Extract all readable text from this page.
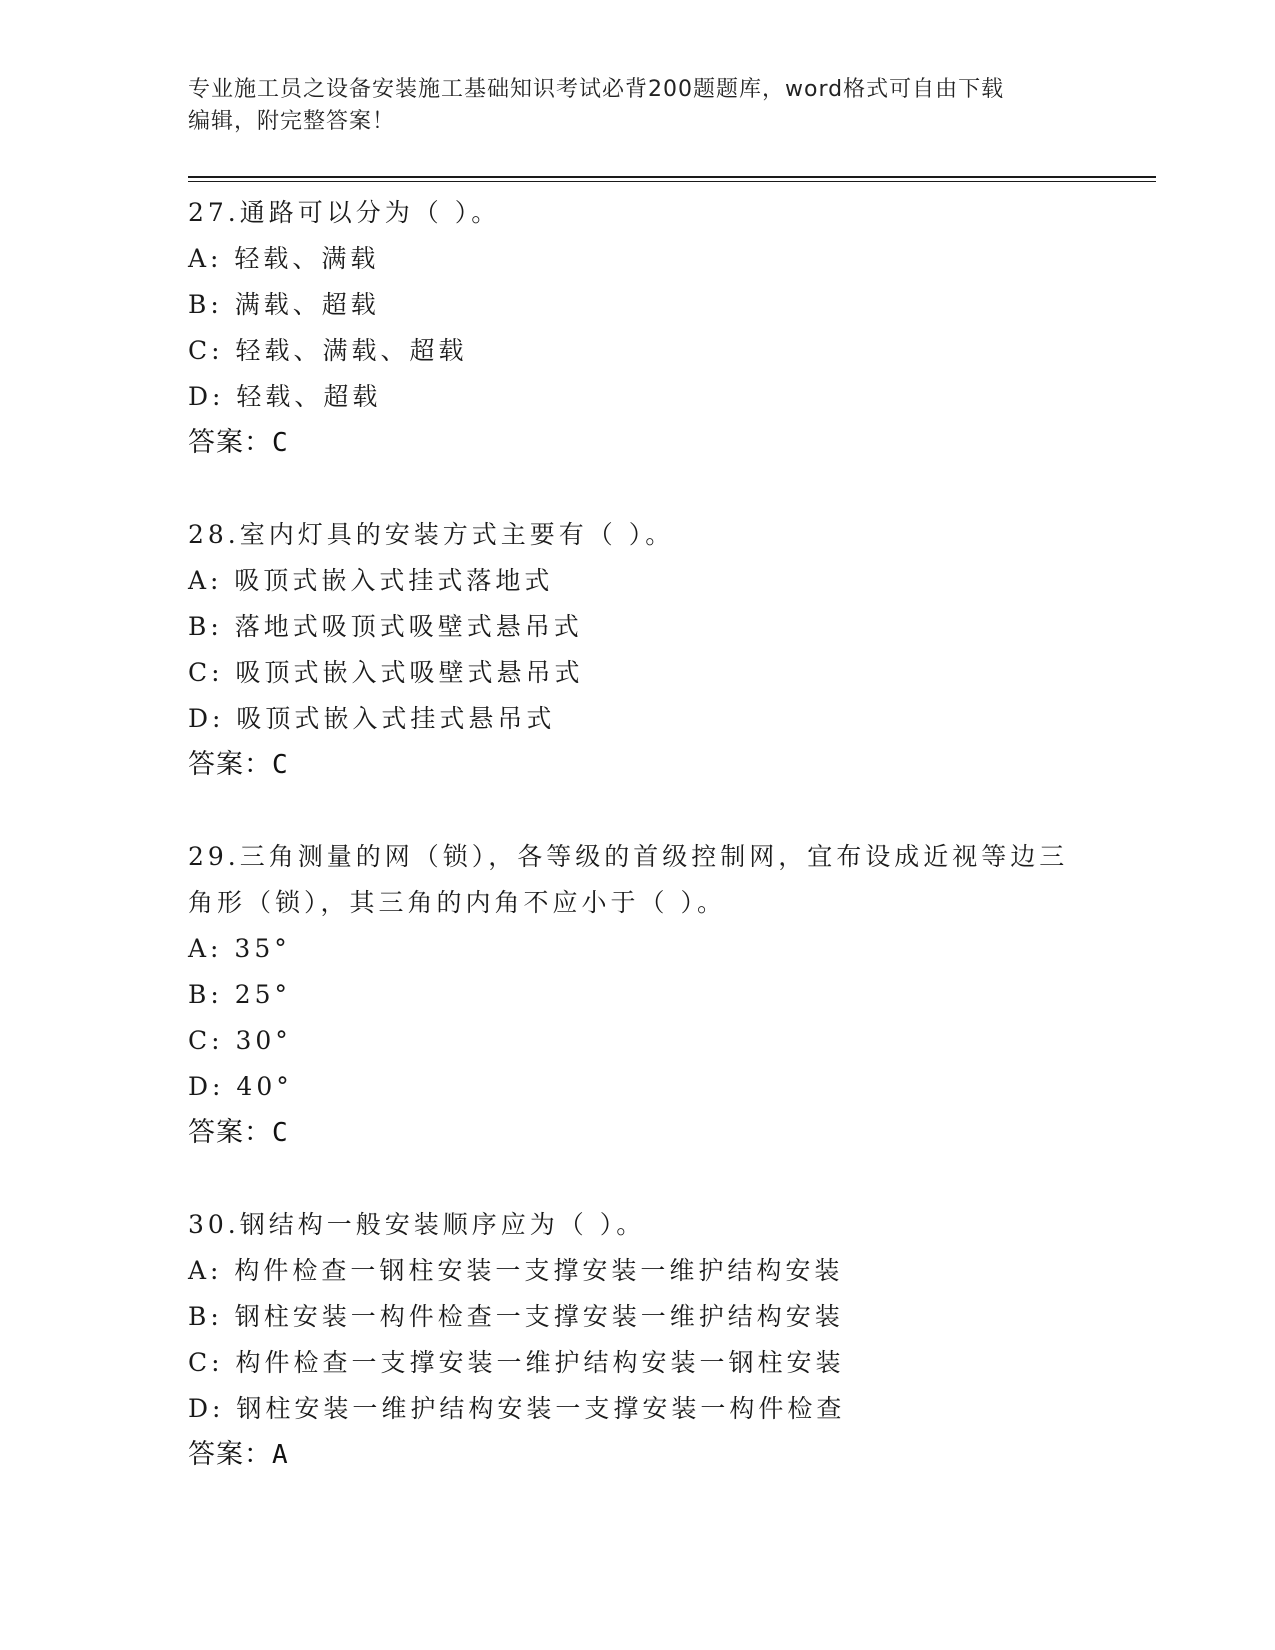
专业施工员之设备安装施工基础知识考试必背200题题库，word格式可自由下载
编辑，附完整答案！
27.通路可以分为（ ）。
A: 轻载、满载
B: 满载、超载
C: 轻载、满载、超载
D: 轻载、超载
答案：C
28.室内灯具的安装方式主要有（ ）。
A: 吸顶式嵌入式挂式落地式
B: 落地式吸顶式吸壁式悬吊式
C: 吸顶式嵌入式吸壁式悬吊式
D: 吸顶式嵌入式挂式悬吊式
答案：C
29.三角测量的网（锁），各等级的首级控制网，宜布设成近视等边三
角形（锁），其三角的内角不应小于（ ）。
A: 35°
B: 25°
C: 30°
D: 40°
答案：C
30.钢结构一般安装顺序应为（ ）。
A: 构件检查一钢柱安装一支撑安装一维护结构安装
B: 钢柱安装一构件检查一支撑安装一维护结构安装
C: 构件检查一支撑安装一维护结构安装一钢柱安装
D: 钢柱安装一维护结构安装一支撑安装一构件检查
答案：A
